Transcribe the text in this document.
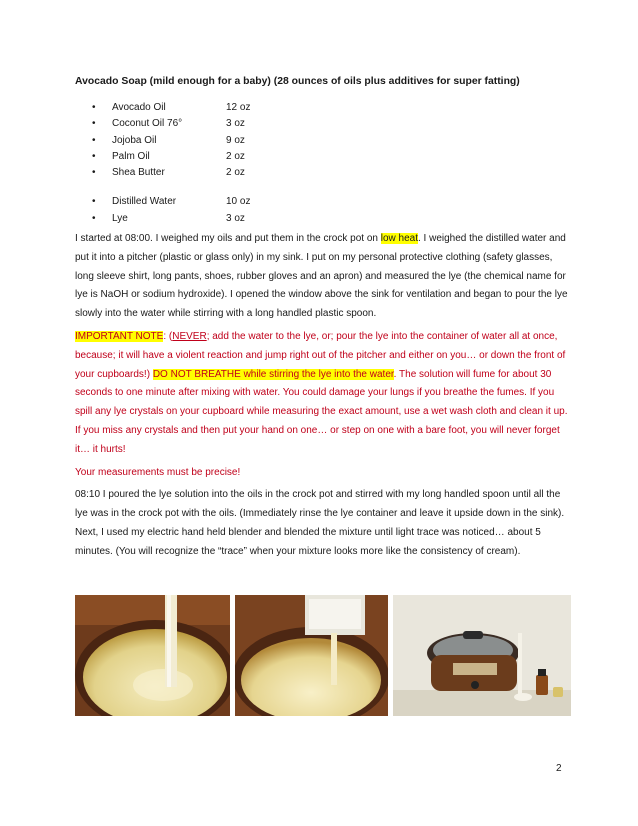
Avocado Soap (mild enough for a baby) (28 ounces of oils plus additives for super fatting)
• Avocado Oil	12 oz
• Coconut Oil 76°	3 oz
• Jojoba Oil	9 oz
• Palm Oil	2 oz
• Shea Butter	2 oz
• Distilled Water	10 oz
• Lye	3 oz

I started at 08:00. I weighed my oils and put them in the crock pot on low heat. I weighed the distilled water and put it into a pitcher (plastic or glass only) in my sink. I put on my personal protective clothing (safety glasses, long sleeve shirt, long pants, shoes, rubber gloves and an apron) and measured the lye (the chemical name for lye is NaOH or sodium hydroxide). I opened the window above the sink for ventilation and began to pour the lye slowly into the water while stirring with a long handled plastic spoon.

IMPORTANT NOTE: (NEVER; add the water to the lye, or; pour the lye into the container of water all at once, because; it will have a violent reaction and jump right out of the pitcher and either on you… or down the front of your cupboards!) DO NOT BREATHE while stirring the lye into the water. The solution will fume for about 30 seconds to one minute after mixing with water. You could damage your lungs if you breathe the fumes. If you spill any lye crystals on your cupboard while measuring the exact amount, use a wet wash cloth and clean it up. If you miss any crystals and then put your hand on one… or step on one with a bare foot, you will never forget it… it hurts!

Your measurements must be precise!

08:10 I poured the lye solution into the oils in the crock pot and stirred with my long handled spoon until all the lye was in the crock pot with the oils. (Immediately rinse the lye container and leave it upside down in the sink). Next, I used my electric hand held blender and blended the mixture until light trace was noticed… about 5 minutes. (You will recognize the “trace” when your mixture looks more like the consistency of cream).

2
